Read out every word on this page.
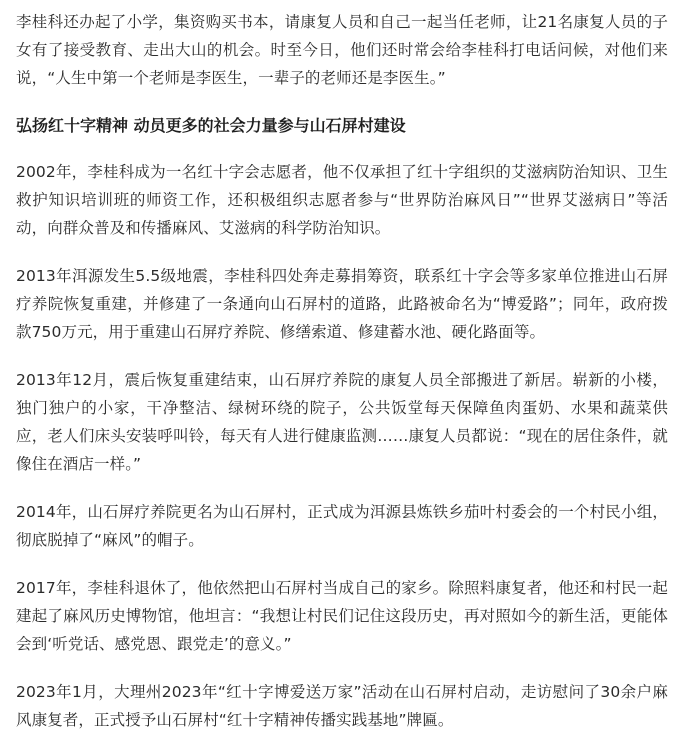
李桂科还办起了小学，集资购买书本，请康复人员和自己一起当任老师，让21名康复人员的子女有了接受教育、走出大山的机会。时至今日，他们还时常会给李桂科打电话问候，对他们来说，“人生中第一个老师是李医生，一辈子的老师还是李医生。”

弘扬红十字精神 动员更多的社会力量参与山石屏村建设

2002年，李桂科成为一名红十字会志愿者，他不仅承担了红十字组织的艾滋病防治知识、卫生救护知识培训班的师资工作，还积极组织志愿者参与“世界防治麻风日”“世界艾滋病日”等活动，向群众普及和传播麻风、艾滋病的科学防治知识。

2013年洱源发生5.5级地震，李桂科四处奔走募捐筹资，联系红十字会等多家单位推进山石屏疗养院恢复重建，并修建了一条通向山石屏村的道路，此路被命名为“博爱路”；同年，政府拨款750万元，用于重建山石屏疗养院、修缮索道、修建蓄水池、硬化路面等。

2013年12月，震后恢复重建结束，山石屏疗养院的康复人员全部搬进了新居。崭新的小楼，独门独户的小家，干净整洁、绿树环绕的院子，公共饭堂每天保障鱼肉蛋奶、水果和蔬菜供应，老人们床头安装呼叫铃，每天有人进行健康监测……康复人员都说：“现在的居住条件，就像住在酒店一样。”

2014年，山石屏疗养院更名为山石屏村，正式成为洱源县炼铁乡茄叶村委会的一个村民小组，彻底脱掉了“麻风”的帽子。

2017年，李桂科退休了，他依然把山石屏村当成自己的家乡。除照料康复者，他还和村民一起建起了麻风历史博物馆，他坦言：“我想让村民们记住这段历史，再对照如今的新生活，更能体会到‘听党话、感党恩、跟党走’的意义。”

2023年1月，大理州2023年“红十字博爱送万家”活动在山石屏村启动，走访慰问了30余户麻风康复者，正式授予山石屏村“红十字精神传播实践基地”牌匾。
